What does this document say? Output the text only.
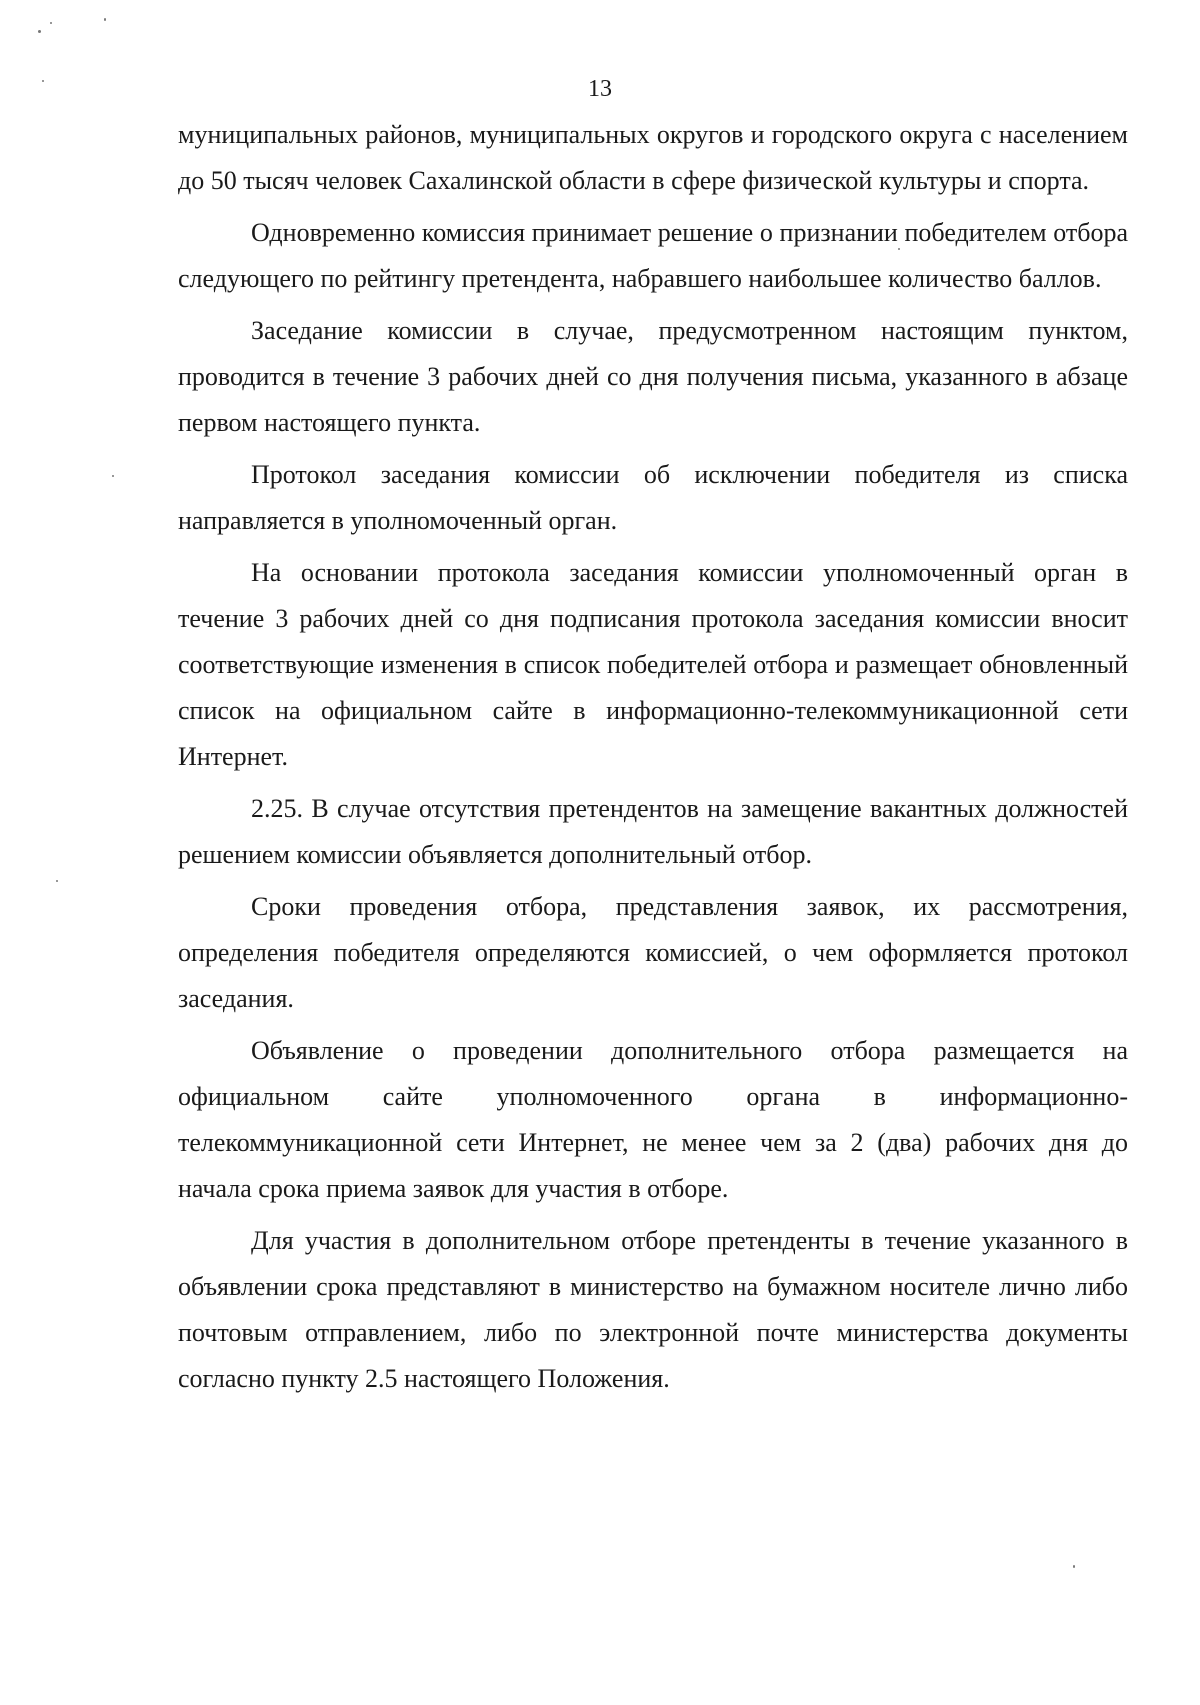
13

муниципальных районов, муниципальных округов и городского округа с населением до 50 тысяч человек Сахалинской области в сфере физической культуры и спорта.

Одновременно комиссия принимает решение о признании победителем отбора следующего по рейтингу претендента, набравшего наибольшее количество баллов.

Заседание комиссии в случае, предусмотренном настоящим пунктом, проводится в течение 3 рабочих дней со дня получения письма, указанного в абзаце первом настоящего пункта.

Протокол заседания комиссии об исключении победителя из списка направляется в уполномоченный орган.

На основании протокола заседания комиссии уполномоченный орган в течение 3 рабочих дней со дня подписания протокола заседания комиссии вносит соответствующие изменения в список победителей отбора и размещает обновленный список на официальном сайте в информационно-телекоммуникационной сети Интернет.

2.25. В случае отсутствия претендентов на замещение вакантных должностей решением комиссии объявляется дополнительный отбор.

Сроки проведения отбора, представления заявок, их рассмотрения, определения победителя определяются комиссией, о чем оформляется протокол заседания.

Объявление о проведении дополнительного отбора размещается на официальном сайте уполномоченного органа в информационно-телекоммуникационной сети Интернет, не менее чем за 2 (два) рабочих дня до начала срока приема заявок для участия в отборе.

Для участия в дополнительном отборе претенденты в течение указанного в объявлении срока представляют в министерство на бумажном носителе лично либо почтовым отправлением, либо по электронной почте министерства документы согласно пункту 2.5 настоящего Положения.
